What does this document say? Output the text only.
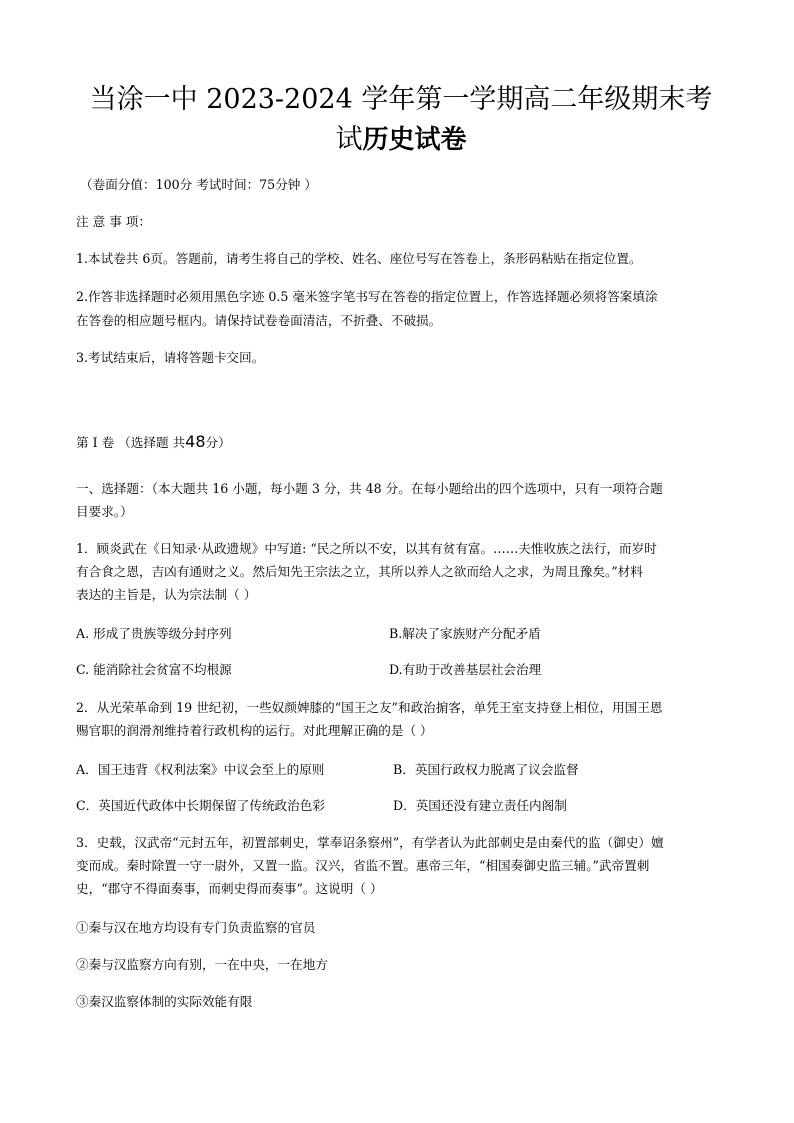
当涂一中 2023-2024 学年第一学期高二年级期末考
试历史试卷
（卷面分值：100分 考试时间：75分钟 ）
注 意 事 项：
1.本试卷共 6页。答题前，请考生将自己的学校、姓名、座位号写在答卷上，条形码粘贴在指定位置。
2.作答非选择题时必须用黑色字迹 0.5 毫米签字笔书写在答卷的指定位置上，作答选择题必须将答案填涂
在答卷的相应题号框内。请保持试卷卷面清洁，不折叠、不破损。
3.考试结束后，请将答题卡交回。
第 I 卷 （选择题 共48分）
一、选择题：（本大题共 16 小题，每小题 3 分，共 48 分。在每小题给出的四个选项中，只有一项符合题
目要求。）
1．顾炎武在《日知录·从政遗规》中写道: “民之所以不安，以其有贫有富。……夫惟收族之法行，而岁时
有合食之恩，吉凶有通财之义。然后知先王宗法之立，其所以养人之欲而给人之求，为周且豫矣。”材料
表达的主旨是，认为宗法制（ ）
A. 形成了贵族等级分封序列	B.解决了家族财产分配矛盾
C. 能消除社会贫富不均根源	D.有助于改善基层社会治理
2．从光荣革命到 19 世纪初，一些奴颜婢膝的“国王之友”和政治掮客，单凭王室支持登上相位，用国王恩
赐官职的润滑剂维持着行政机构的运行。对此理解正确的是（ ）
A．国王违背《权利法案》中议会至上的原则	B．英国行政权力脱离了议会监督
C．英国近代政体中长期保留了传统政治色彩	D．英国还没有建立责任内阁制
3．史载，汉武帝“元封五年，初置部刺史，掌奉诏条察州”，有学者认为此部刺史是由秦代的监（御史）嬗
变而成。秦时除置一守一尉外，又置一监。汉兴，省监不置。惠帝三年，“相国奏御史监三辅。”武帝置刺
史，“郡守不得面奏事，而刺史得而奏事”。这说明（ ）
①秦与汉在地方均设有专门负责监察的官员
②秦与汉监察方向有别，一在中央，一在地方
③秦汉监察体制的实际效能有限
